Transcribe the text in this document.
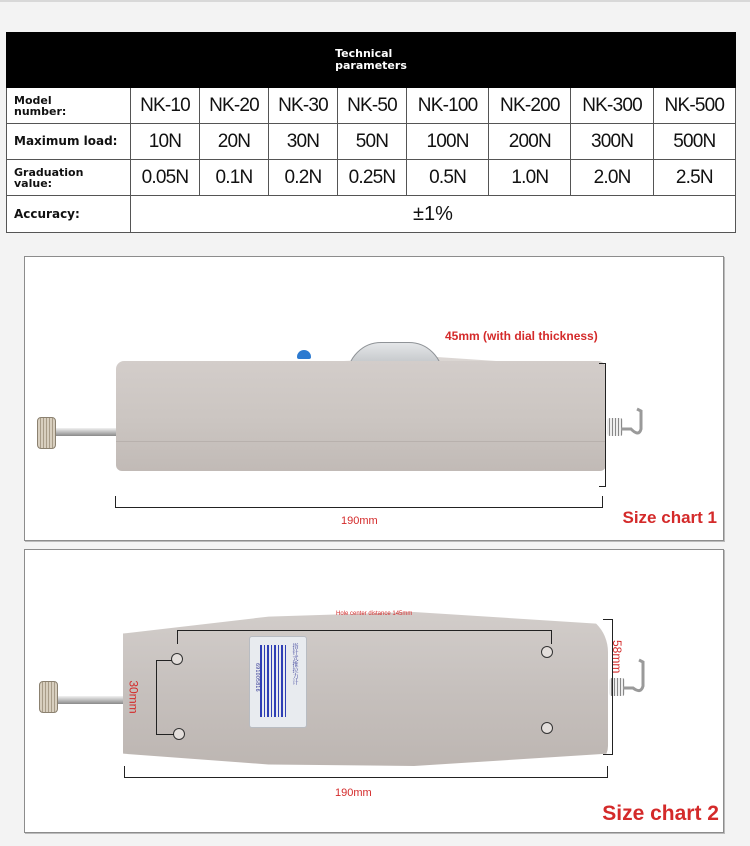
Technical
parameters								
Model
number:	NK-10	NK-20	NK-30	NK-50	NK-100	NK-200	NK-300	NK-500
Maximum load:	10N	20N	30N	50N	100N	200N	300N	500N
Graduation
value:	0.05N	0.1N	0.2N	0.25N	0.5N	1.0N	2.0N	2.5N
Accuracy:	±1%							
45mm (with dial thickness)
190mm	Size chart 1
Hole center distance 145mm
30mm
指针式推拉力计
691005816
58mm
190mm
Size chart 2
